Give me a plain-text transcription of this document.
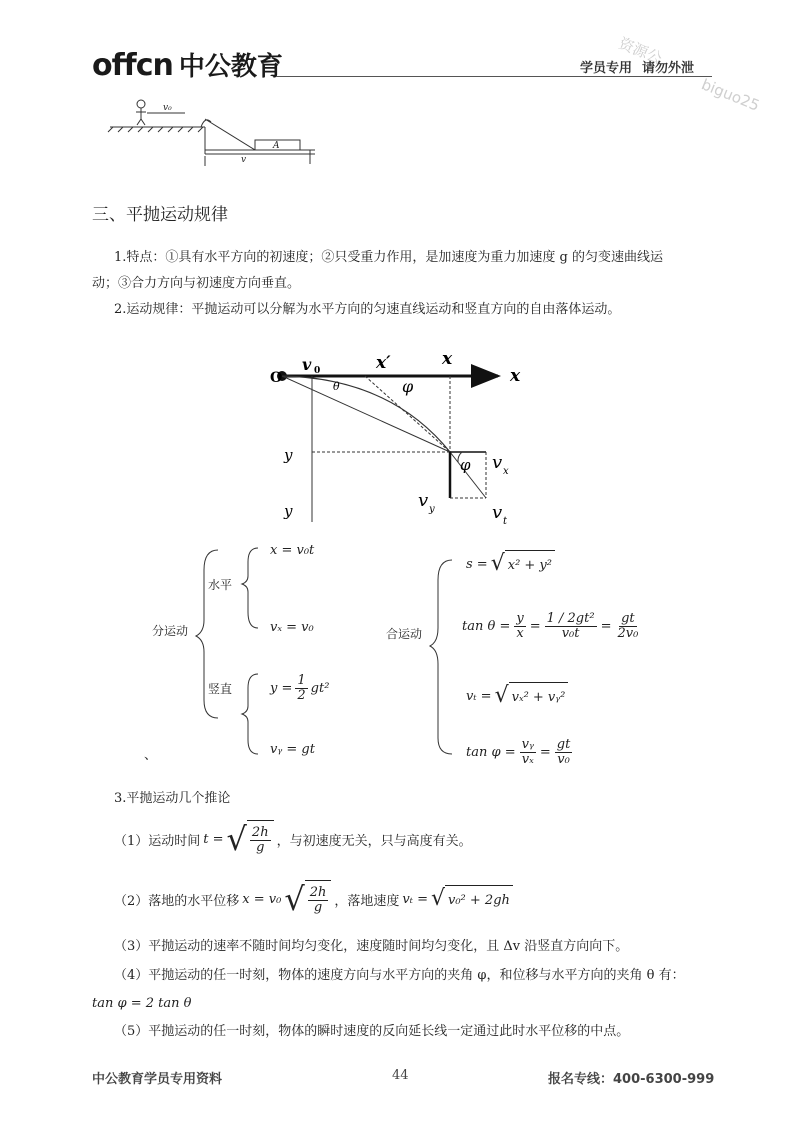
offcn 中公教育	学员专用 请勿外泄
资源公
biguo25
v₀
v
A
三、平抛运动规律
1.特点：①具有水平方向的初速度；②只受重力作用，是加速度为重力加速度 g 的匀变速曲线运
动；③合力方向与初速度方向垂直。
2.运动规律：平抛运动可以分解为水平方向的匀速直线运动和竖直方向的自由落体运动。
O
v 0	x′	x
x
θ	φ
φ
y
y
v x
v y	v t
分运动
水平
竖直
合运动
x = v₀t
vₓ = v₀
$y = \frac{1}{2} gt^2$
vᵧ = gt
s = √ x² + y²
$\tan \theta = \frac{y}{x} = \frac{\text{1 / 2gt²}}{\text{v₀t}} = \frac{gt}{\text{2v₀}}$
vₜ = √ vₓ² + vᵧ²
$\tan \varphi = \frac{\text{vᵧ}}{\text{vₓ}} = \frac{gt}{\text{v₀}}$
、
3.平抛运动几个推论
（1）运动时间 t = √ $\frac{2h}{g}$ ，与初速度无关，只与高度有关。
（2）落地的水平位移 x = v₀ √ $\frac{2h}{g}$ ，落地速度 vₜ = √ v₀² + 2gh
（3）平抛运动的速率不随时间均匀变化，速度随时间均匀变化，且 Δv 沿竖直方向向下。
（4）平抛运动的任一时刻，物体的速度方向与水平方向的夹角 φ，和位移与水平方向的夹角 θ 有：
tan φ = 2 tan θ
（5）平抛运动的任一时刻，物体的瞬时速度的反向延长线一定通过此时水平位移的中点。
中公教育学员专用资料	44	报名专线：400-6300-999
